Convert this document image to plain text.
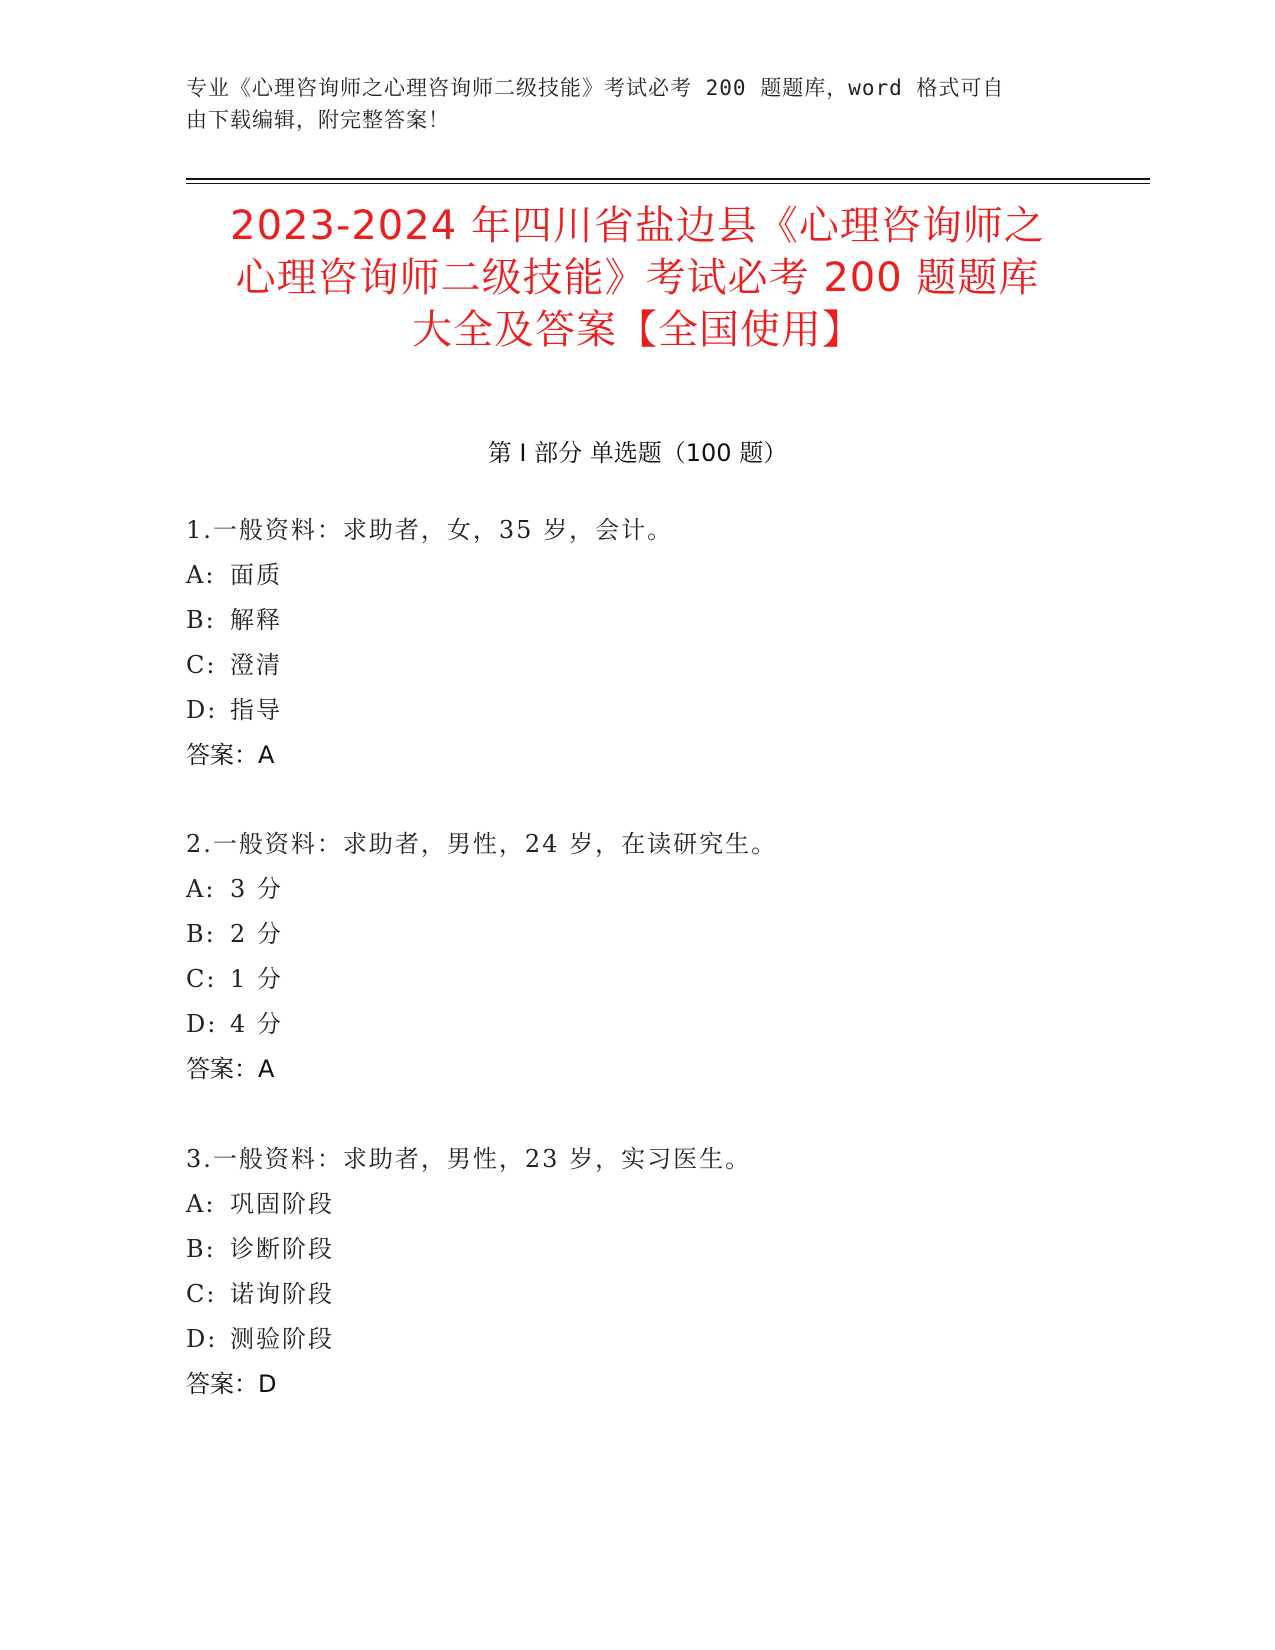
专业《心理咨询师之心理咨询师二级技能》考试必考 200 题题库，word 格式可自
由下载编辑，附完整答案！
2023-2024 年四川省盐边县《心理咨询师之
心理咨询师二级技能》考试必考 200 题题库
大全及答案【全国使用】
第 I 部分 单选题（100 题）
1.一般资料：求助者，女，35 岁，会计。
A: 面质
B: 解释
C: 澄清
D: 指导
答案：A
2.一般资料：求助者，男性，24 岁，在读研究生。
A: 3 分
B: 2 分
C: 1 分
D: 4 分
答案：A
3.一般资料：求助者，男性，23 岁，实习医生。
A: 巩固阶段
B: 诊断阶段
C: 诺询阶段
D: 测验阶段
答案：D
